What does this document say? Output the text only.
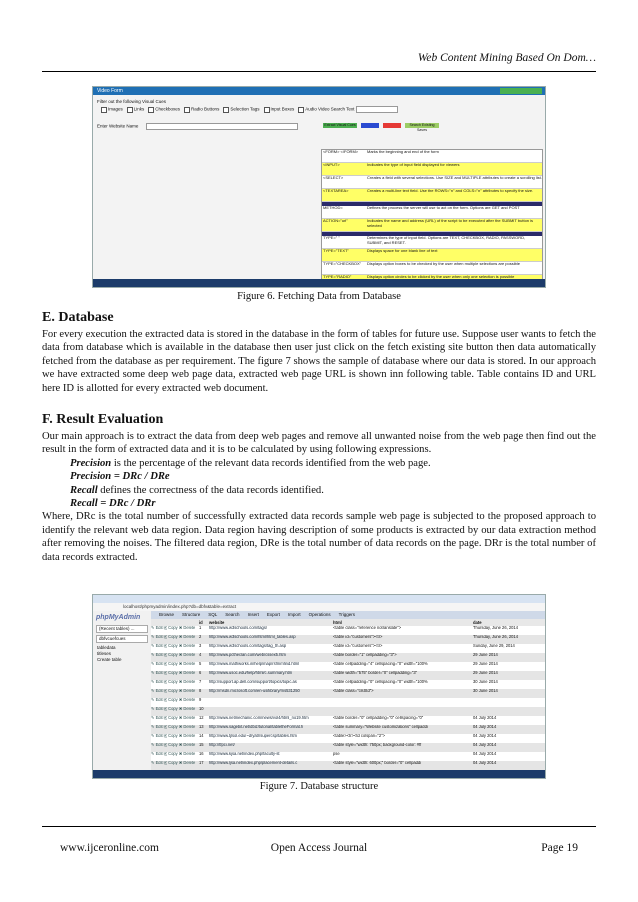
Web Content Mining Based On Dom…
Video Form
Filter out the following Visual Cues
Images Links Checkboxes Radio Buttons Selection Tags Input Boxes Audio Video Search Text
Enter Website Name	Extract Visual Cues	Search Existing Saves
<FORM> </FORM>	Marks the beginning and end of the form
<INPUT>	Indicates the type of input field displayed for viewers
<SELECT>	Creates a field with several selections. Use SIZE and MULTIPLE attributes to create a scrolling list.
<TEXTAREA>	Creates a multi-line text field. Use the ROWS="n" and COLS="n" attributes to specify the size.
METHOD=	Defines the process the server will use to act on the form. Options are GET and POST
ACTION="url"	Indicates the name and address (URL) of the script to be executed after the SUBMIT button is selected
TYPE=" "	Determines the type of input field. Options are TEXT, CHECKBOX, RADIO, PASSWORD, SUBMIT, and RESET.
TYPE="TEXT"	Displays space for one blank line of text
TYPE="CHECKBOX"	Displays option boxes to be checked by the user when multiple selections are possible
TYPE="RADIO"	Displays option circles to be clicked by the user when only one selection is possible
Figure 6. Fetching Data from Database
E. Database

For every execution the extracted data is stored in the database in the form of tables for future use. Suppose user wants to fetch the data from database which is available in the database then user just click on the fetch existing site button then data automatically fetched from the database as per requirement. The figure 7 shows the sample of database where our data is stored. In our approach we have extracted some deep web page data, extracted web page URL is shown inn following table. Table contains ID and URL here ID is allotted for every extracted web document.

F. Result Evaluation

Our main approach is to extract the data from deep web pages and remove all unwanted noise from the web page then find out the result in the form of extracted data and it is to be calculated by using following expressions.

Precision is the percentage of the relevant data records identified from the web page.

Precision = DRc / DRe

Recall defines the correctness of the data records identified.

Recall = DRc / DRr

Where, DRc is the total number of successfully extracted data records sample web page is subjected to the proposed approach to identify the relevant web data region. Data region having description of some products is extracted by our data extraction method after removing the noises. The filtered data region, DRe is the total number of data records on the page. DRr is the total number of data records extracted.

localhost/phpmyadmin/index.php?db=dbfv&table=extract
phpMyAdmin
(Recent tables) ...
dbfvcuefcues
tabledata
titleses
Create table
Browse Structure SQL Search Insert Export Import Operations Triggers
id	website	html	date
✎ Edit ⎘ Copy ✖ Delete 1	http://www.w3schools.com/tags/	<table class="reference notranslate">	Thursday, June 26, 2014
✎ Edit ⎘ Copy ✖ Delete 2	http://www.w3schools.com/html/html_tables.asp	<table id="customers"><tr>	Thursday, June 26, 2014
✎ Edit ⎘ Copy ✖ Delete 3	http://www.w3schools.com/tags/tag_th.asp	<table id="customers"><tr>	Sunday, June 29, 2014
✎ Edit ⎘ Copy ✖ Delete 4	http://www.pctheclan.com/web/cssex5.htm	<table border="1" cellpadding="3">	29 June 2014
✎ Edit ⎘ Copy ✖ Delete 5	http://www.mathworks.in/help/map/rsfmmfind.html	<table cellpadding="4" cellspacing="0" width="100%	29 June 2014
✎ Edit ⎘ Copy ✖ Delete 6	http://www.usoc.edu/help/html/c.summary.htm	<table width="575" border="0" cellpadding="3"	29 June 2014
✎ Edit ⎘ Copy ✖ Delete 7	http://support.ap.dell.com/support/topics/topic.as	<table cellpadding="0" cellspacing="0" width="100%	30 June 2014
✎ Edit ⎘ Copy ✖ Delete 8	http://msdn.microsoft.com/en-us/library/ms531250	<table class="clsStd">	30 June 2014
✎ Edit ⎘ Copy ✖ Delete 9
✎ Edit ⎘ Copy ✖ Delete 10
✎ Edit ⎘ Copy ✖ Delete 12	http://www.netmechanic.com/news/vol4/html_no19.htm	<table border="0" cellpadding="0" cellspacing="0"	04 July 2014
✎ Edit ⎘ Copy ✖ Delete 13	http://www.sagebit.net/dbiz/tutorial/tabletheFormat.h	<table summary="Website customizations" cellpaddi	04 July 2014
✎ Edit ⎘ Copy ✖ Delete 14	http://www.tjlsol.edu/~dryatr/supercsp/tables.htm	<table><tr><td colspan="2">	04 July 2014
✎ Edit ⎘ Copy ✖ Delete 15	http://tfpci.net/	<table style="width: 750px; background-color: #ff	04 July 2014
✎ Edit ⎘ Copy ✖ Delete 16	http://www.kjsa.net/index.php/faculty-st	pse	04 July 2014
✎ Edit ⎘ Copy ✖ Delete 17	http://www.ljsa.net/index.php/placement-details.c	<table style="width: 600px;" border="0" cellpaddi	04 July 2014
Figure 7. Database structure
www.ijceronline.com	Open Access Journal	Page 19
